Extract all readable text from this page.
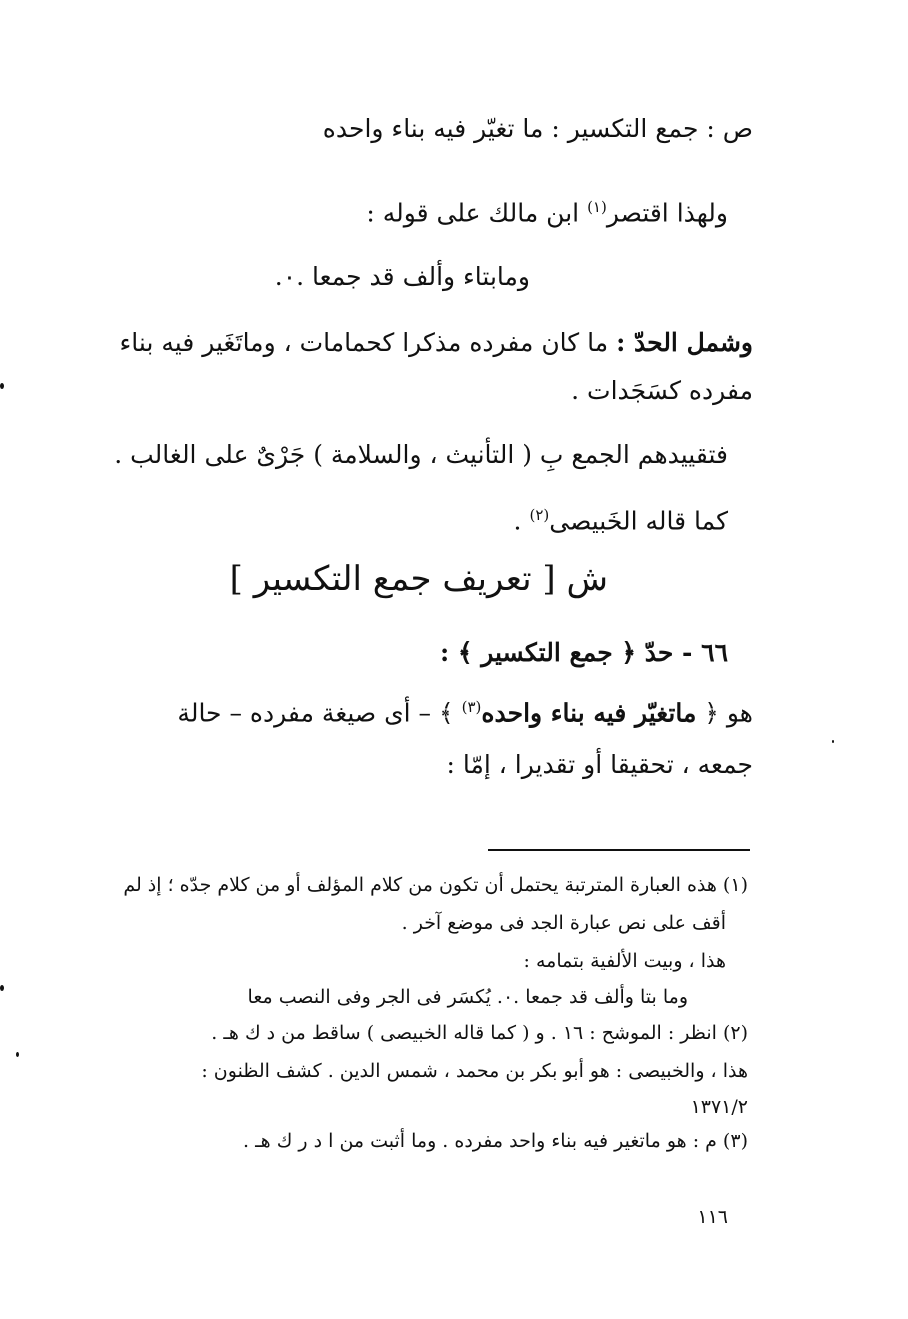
ص : جمع التكسير : ما تغيّر فيه بناء واحده
ولهذا اقتصر$^{(١)}$ ابن مالك على قوله :
ومابتاء وألف قد جمعا .٠.
وشمل الحدّ : ما كان مفرده مذكرا كحمامات ، وماتَغَير فيه بناء
مفرده كسَجَدات .
فتقييدهم الجمع بِ ( التأنيث ، والسلامة ) جَرْىٌ على الغالب .
كما قاله الخَبيصى$^{(٢)}$ .
ش [ تعريف جمع التكسير ]
٦٦ - حدّ ﴿ جمع التكسير ﴾ :
هو ﴿ ماتغيّر فيه بناء واحده$^{(٣)}$ ﴾ – أى صيغة مفرده – حالة
جمعه ، تحقيقا أو تقديرا ، إمّا :
(١) هذه العبارة المترتبة يحتمل أن تكون من كلام المؤلف أو من كلام جدّه ؛ إذ لم
أقف على نص عبارة الجد فى موضع آخر .
هذا ، وبيت الألفية بتمامه :
وما بتا وألف قد جمعا .٠. يُكسَر فى الجر وفى النصب معا
(٢) انظر : الموشح : ١٦ . و ( كما قاله الخبيصى ) ساقط من د ك هـ .
هذا ، والخبيصى : هو أبو بكر بن محمد ، شمس الدين . كشف الظنون :
١٣٧١/٢
(٣) م : هو ماتغير فيه بناء واحد مفرده . وما أثبت من ا د ر ك هـ .
١١٦
